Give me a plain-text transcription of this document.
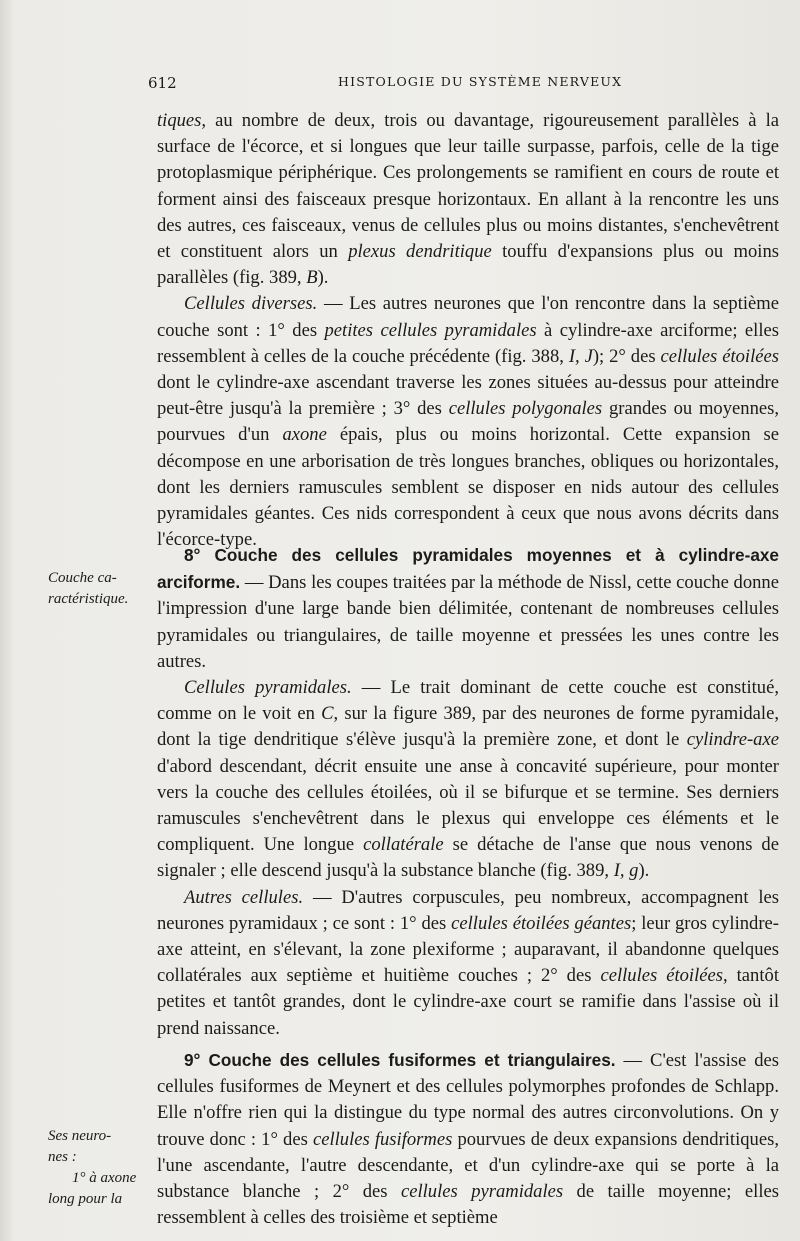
612	HISTOLOGIE DU SYSTÈME NERVEUX

tiques, au nombre de deux, trois ou davantage, rigoureusement parallèles à la surface de l'écorce, et si longues que leur taille surpasse, parfois, celle de la tige protoplasmique périphérique. Ces prolongements se ramifient en cours de route et forment ainsi des faisceaux presque horizontaux. En allant à la rencontre les uns des autres, ces faisceaux, venus de cellules plus ou moins distantes, s'enchevêtrent et constituent alors un plexus dendritique touffu d'expansions plus ou moins parallèles (fig. 389, B).

Cellules diverses. — Les autres neurones que l'on rencontre dans la septième couche sont : 1° des petites cellules pyramidales à cylindre-axe arciforme; elles ressemblent à celles de la couche précédente (fig. 388, I, J); 2° des cellules étoilées dont le cylindre-axe ascendant traverse les zones situées au-dessus pour atteindre peut-être jusqu'à la première ; 3° des cellules polygonales grandes ou moyennes, pourvues d'un axone épais, plus ou moins horizontal. Cette expansion se décompose en une arborisation de très longues branches, obliques ou horizontales, dont les derniers ramuscules semblent se disposer en nids autour des cellules pyramidales géantes. Ces nids correspondent à ceux que nous avons décrits dans l'écorce-type.

8° Couche des cellules pyramidales moyennes et à cylindre-axe arciforme. — Dans les coupes traitées par la méthode de Nissl, cette couche donne l'impression d'une large bande bien délimitée, contenant de nombreuses cellules pyramidales ou triangulaires, de taille moyenne et pressées les unes contre les autres.

Cellules pyramidales. — Le trait dominant de cette couche est constitué, comme on le voit en C, sur la figure 389, par des neurones de forme pyramidale, dont la tige dendritique s'élève jusqu'à la première zone, et dont le cylindre-axe d'abord descendant, décrit ensuite une anse à concavité supérieure, pour monter vers la couche des cellules étoilées, où il se bifurque et se termine. Ses derniers ramuscules s'enchevêtrent dans le plexus qui enveloppe ces éléments et le compliquent. Une longue collatérale se détache de l'anse que nous venons de signaler ; elle descend jusqu'à la substance blanche (fig. 389, I, g).

Autres cellules. — D'autres corpuscules, peu nombreux, accompagnent les neurones pyramidaux ; ce sont : 1° des cellules étoilées géantes; leur gros cylindre-axe atteint, en s'élevant, la zone plexiforme ; auparavant, il abandonne quelques collatérales aux septième et huitième couches ; 2° des cellules étoilées, tantôt petites et tantôt grandes, dont le cylindre-axe court se ramifie dans l'assise où il prend naissance.

9° Couche des cellules fusiformes et triangulaires. — C'est l'assise des cellules fusiformes de Meynert et des cellules polymorphes profondes de Schlapp. Elle n'offre rien qui la distingue du type normal des autres circonvolutions. On y trouve donc : 1° des cellules fusiformes pourvues de deux expansions dendritiques, l'une ascendante, l'autre descendante, et d'un cylindre-axe qui se porte à la substance blanche ; 2° des cellules pyramidales de taille moyenne; elles ressemblent à celles des troisième et septième

Couche ca-
ractéristique.
Ses neuro-
nes :
1° à axone
long pour la
